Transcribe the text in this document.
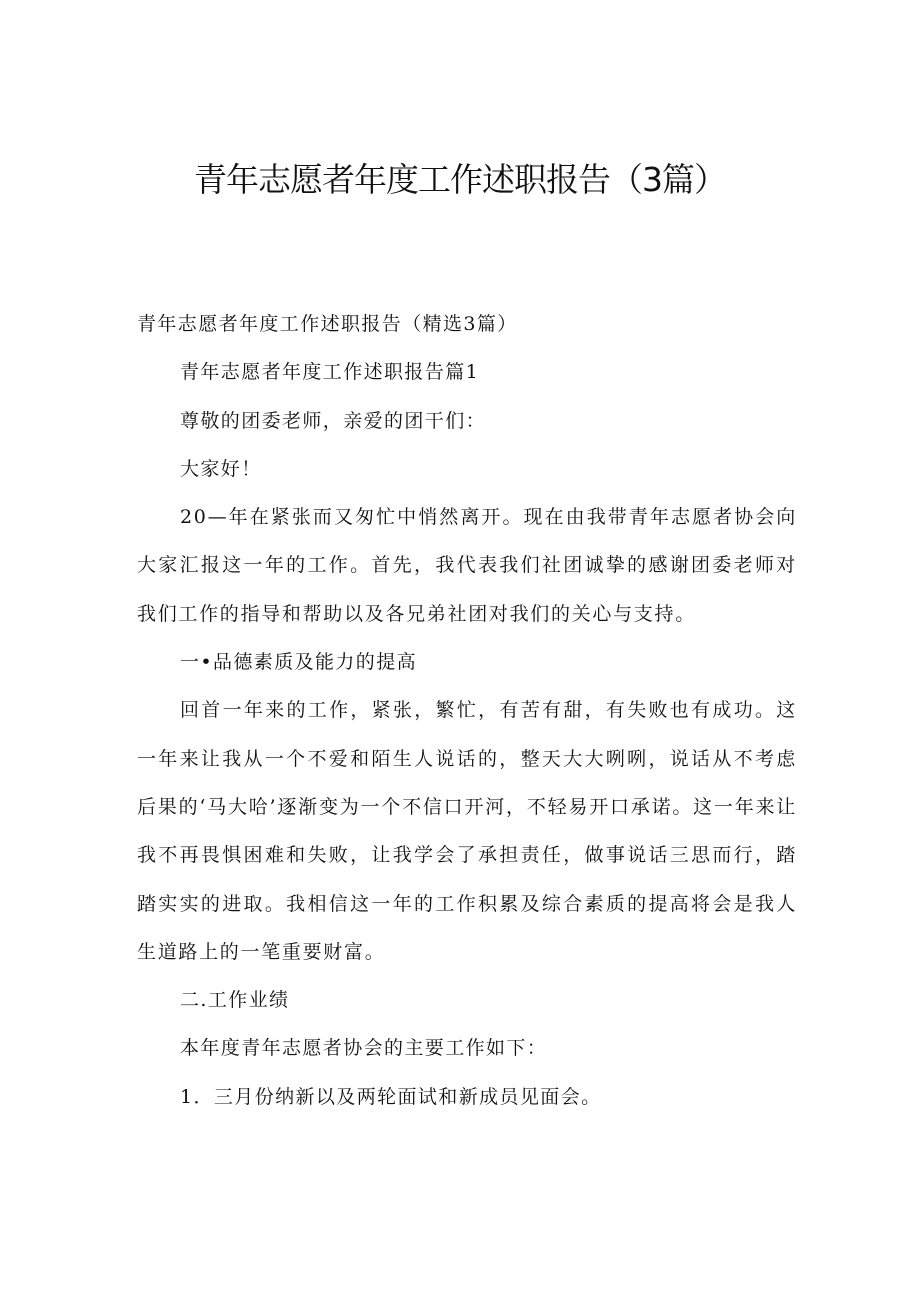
青年志愿者年度工作述职报告（3篇）

青年志愿者年度工作述职报告（精选3篇）

青年志愿者年度工作述职报告篇1

尊敬的团委老师，亲爱的团干们：

大家好！

20—年在紧张而又匆忙中悄然离开。现在由我带青年志愿者协会向大家汇报这一年的工作。首先，我代表我们社团诚挚的感谢团委老师对我们工作的指导和帮助以及各兄弟社团对我们的关心与支持。

一•品德素质及能力的提高

回首一年来的工作，紧张，繁忙，有苦有甜，有失败也有成功。这一年来让我从一个不爱和陌生人说话的，整天大大咧咧，说话从不考虑后果的‘马大哈’逐渐变为一个不信口开河，不轻易开口承诺。这一年来让我不再畏惧困难和失败，让我学会了承担责任，做事说话三思而行，踏踏实实的进取。我相信这一年的工作积累及综合素质的提高将会是我人生道路上的一笔重要财富。

二.工作业绩

本年度青年志愿者协会的主要工作如下：

1．三月份纳新以及两轮面试和新成员见面会。
